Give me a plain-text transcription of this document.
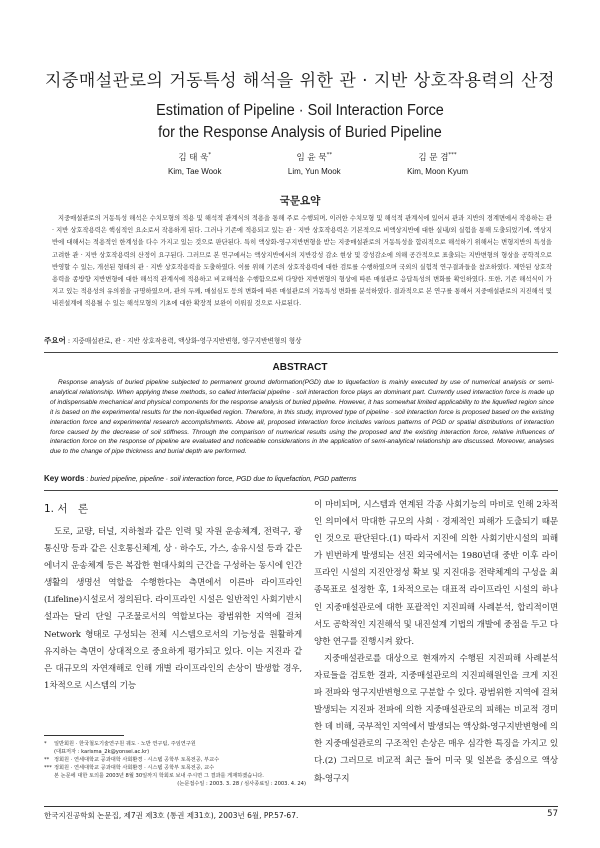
지중매설관로의 거동특성 해석을 위한 관 · 지반 상호작용력의 산정
Estimation of Pipeline · Soil Interaction Force
for the Response Analysis of Buried Pipeline
김 태 욱*
Kim, Tae Wook
임 윤 묵**
Lim, Yun Mook
김 문 겸***
Kim, Moon Kyum
국문요약
지중매설관로의 거동특성 해석은 수치모형의 적용 및 해석적 관계식의 적용을 통해 주로 수행되며, 이러한 수치모형 및 해석적 관계식에 있어서 관과 지반의 경계면에서 작용하는 관 · 지반 상호작용력은 핵심적인 요소로서 작용하게 된다. 그러나 기존에 적용되고 있는 관 · 지반 상호작용력은 기본적으로 비액상지반에 대한 실내/외 실험을 통해 도출되었기에, 액상지반에 대해서는 적용적인 한계성을 다수 가지고 있는 것으로 판단된다. 특히 액상화-영구지반변형을 받는 지중매설관로의 거동특성을 합리적으로 해석하기 위해서는 변형지반의 특성을 고려한 관 · 지반 상호작용력의 산정이 요구된다. 그러므로 본 연구에서는 액상지반에서의 지반강성 감소 현상 및 강성감소에 의해 공간적으로 표출되는 지반변형의 형상을 공학적으로 반영할 수 있는, 개선된 형태의 관 · 지반 상호작용력을 도출하였다. 이를 위해 기존의 상호작용력에 대한 검토를 수행하였으며 국외의 실험적 연구결과들을 참조하였다. 제안된 상호작용력을 종방향 지반변형에 대한 해석적 관계식에 적용하고 비교해석을 수행함으로써 다양한 지반변형의 형상에 따른 매설관로 응답특성의 변화를 확인하였다. 또한, 기존 해석식이 가지고 있는 적용성의 유의점을 규명하였으며, 관의 두께, 매설심도 등의 변화에 따른 매설관로의 거동특성 변화를 분석하였다. 결과적으로 본 연구를 통해서 지중매설관로의 지진해석 및 내진설계에 적용될 수 있는 해석모형의 기초에 대한 확장적 보완이 이뤄질 것으로 사료된다.
주요어 : 지중매설관로, 관 · 지반 상호작용력, 액상화-영구지반변형, 영구지반변형의 형상
ABSTRACT
Response analysis of buried pipeline subjected to permanent ground deformation(PGD) due to liquefaction is mainly executed by use of numerical analysis or semi-analytical relationship. When applying these methods, so called interfacial pipeline · soil interaction force plays an dominant part. Currently used interaction force is made up of indispensable mechanical and physical components for the response analysis of buried pipeline. However, it has somewhat limited applicability to the liquefied region since it is based on the experimental results for the non-liquefied region. Therefore, in this study, improved type of pipeline · soil interaction force is proposed based on the existing interaction force and experimental research accomplishments. Above all, proposed interaction force includes various patterns of PGD or spatial distributions of interaction force caused by the decrease of soil stiffness. Through the comparison of numerical results using the proposed and the existing interaction force, relative influences of interaction force on the response of pipeline are evaluated and noticeable considerations in the application of semi-analytical relationship are discussed. Moreover, analyses due to the change of pipe thickness and burial depth are performed.
Key words : buried pipeline, pipeline · soil interaction force, PGD due to liquefaction, PGD patterns
1. 서　론

도로, 교량, 터널, 지하철과 같은 인력 및 자원 운송체계, 전력구, 광통신망 등과 같은 신호통신체계, 상 · 하수도, 가스, 송유시설 등과 같은 에너지 운송체계 등은 복잡한 현대사회의 근간을 구성하는 동시에 인간생활의 생명선 역할을 수행한다는 측면에서 이른바 라이프라인(Lifeline)시설로서 정의된다. 라이프라인 시설은 일반적인 사회기반시설과는 달리 단일 구조물로서의 역할보다는 광범위한 지역에 걸쳐 Network 형태로 구성되는 전체 시스템으로서의 기능성을 원활하게 유지하는 측면이 상대적으로 중요하게 평가되고 있다. 이는 지진과 같은 대규모의 자연재해로 인해 개별 라이프라인의 손상이 발생할 경우, 1차적으로 시스템의 기능

이 마비되며, 시스템과 연계된 각종 사회기능의 마비로 인해 2차적인 의미에서 막대한 규모의 사회 · 경제적인 피해가 도출되기 때문인 것으로 판단된다.(1) 따라서 지진에 의한 사회기반시설의 피해가 빈번하게 발생되는 선진 외국에서는 1980년대 중반 이후 라이프라인 시설의 지진안정성 확보 및 지진대응 전략체계의 구성을 최종목표로 설정한 후, 1차적으로는 대표적 라이프라인 시설의 하나인 지중매설관로에 대한 포괄적인 지진피해 사례분석, 합리적이면서도 공학적인 지진해석 및 내진설계 기법의 개발에 중점을 두고 다양한 연구를 진행시켜 왔다.

지중매설관로를 대상으로 현재까지 수행된 지진피해 사례분석 자료들을 검토한 결과, 지중매설관로의 지진피해원인을 크게 지진파 전파와 영구지반변형으로 구분할 수 있다. 광범위한 지역에 걸쳐 발생되는 지진파 전파에 의한 지중매설관로의 피해는 비교적 경미한 데 비해, 국부적인 지역에서 발생되는 액상화-영구지반변형에 의한 지중매설관로의 구조적인 손상은 매우 심각한 특징을 가지고 있다.(2) 그러므로 비교적 최근 들어 미국 및 일본을 중심으로 액상화-영구지

*	일반회원 · 한국철도기술연구원 궤도 · 노반 연구팀, 주임연구원
(대표저자 : karisma_2k@yonsei.ac.kr)
** 정회원 · 연세대학교 공과대학 사회환경 · 시스템 공학부 토목전공, 부교수
*** 정회원 · 연세대학교 공과대학 사회환경 · 시스템 공학부 토목전공, 교수
본 논문에 대한 토의를 2003년 8월 30일까지 학회로 보내 주시면 그 결과를 게재하겠습니다.
(논문접수일 : 2003. 3. 28 / 심사종료일 : 2003. 4. 24)
한국지진공학회 논문집, 제7권 제3호 (통권 제31호), 2003년 6월, PP.57-67.	57
